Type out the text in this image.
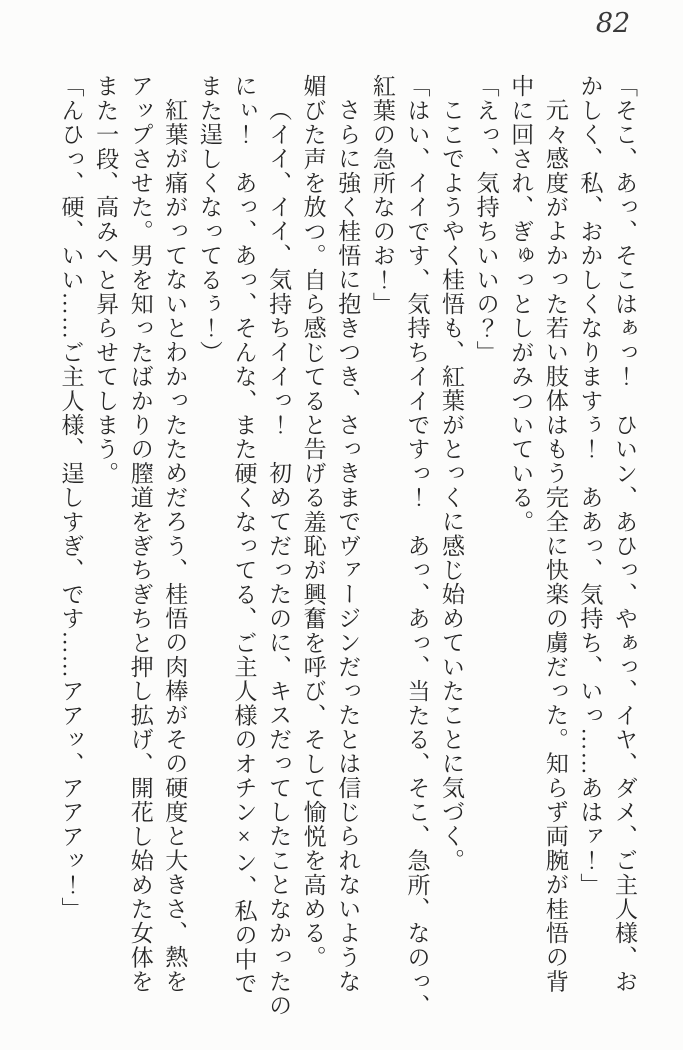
82
「そこ、あっ、そこはぁっ！　ひいン、あひっ、やぁっ、イヤ、ダメ、ご主人様、お
かしく、私、おかしくなりますぅ！　ああっ、気持ち、いっ……あはァ！」
元々感度がよかった若い肢体はもう完全に快楽の虜だった。知らず両腕が桂悟の背
中に回され、ぎゅっとしがみついている。
「えっ、気持ちいいの？」
ここでようやく桂悟も、紅葉がとっくに感じ始めていたことに気づく。
「はい、イイです、気持ちイイですっ！　あっ、あっ、当たる、そこ、急所、なのっ、
紅葉の急所なのお！」
さらに強く桂悟に抱きつき、さっきまでヴァージンだったとは信じられないような
媚びた声を放つ。自ら感じてると告げる羞恥が興奮を呼び、そして愉悦を高める。
（イイ、イイ、気持ちイイっ！　初めてだったのに、キスだってしたことなかったの
にぃ！　あっ、あっ、そんな、また硬くなってる、ご主人様のオチン×ン、私の中で
また逞しくなってるぅ！）
紅葉が痛がってないとわかったためだろう、桂悟の肉棒がその硬度と大きさ、熱を
アップさせた。男を知ったばかりの膣道をぎちぎちと押し拡げ、開花し始めた女体を
また一段、高みへと昇らせてしまう。
「んひっ、硬、いい……ご主人様、逞しすぎ、です……アアッ、アアアッ！」
